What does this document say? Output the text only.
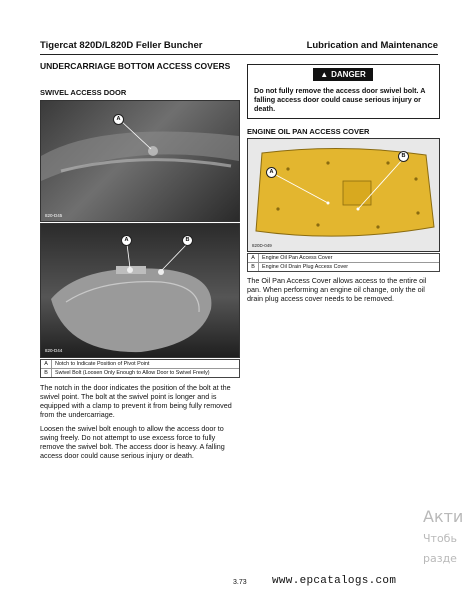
Tigercat 820D/L820D Feller Buncher	Lubrication and Maintenance
UNDERCARRIAGE BOTTOM ACCESS COVERS
SWIVEL ACCESS DOOR
A
820-D45
A	B
820-D44
A	Notch to Indicate Position of Pivot Point
B	Swivel Bolt (Loosen Only Enough to Allow Door to Swivel Freely)
The notch in the door indicates the position of the bolt at the swivel point. The bolt at the swivel point is longer and is equipped with a clamp to prevent it from being fully removed from the undercarriage.
Loosen the swivel bolt enough to allow the access door to swing freely. Do not attempt to use excess force to fully remove the swivel bolt. The access door is heavy. A falling access door could cause serious injury or death.
▲ DANGER
Do not fully remove the access door swivel bolt. A falling access door could cause serious injury or death.
ENGINE OIL PAN ACCESS COVER
A
B
820D-049
A	Engine Oil Pan Access Cover
B	Engine Oil Drain Plug Access Cover
The Oil Pan Access Cover allows access to the entire oil pan. When performing an engine oil change, only the oil drain plug access cover needs to be removed.
Акти
Чтобь
разде
3.73 www.epcatalogs.com
